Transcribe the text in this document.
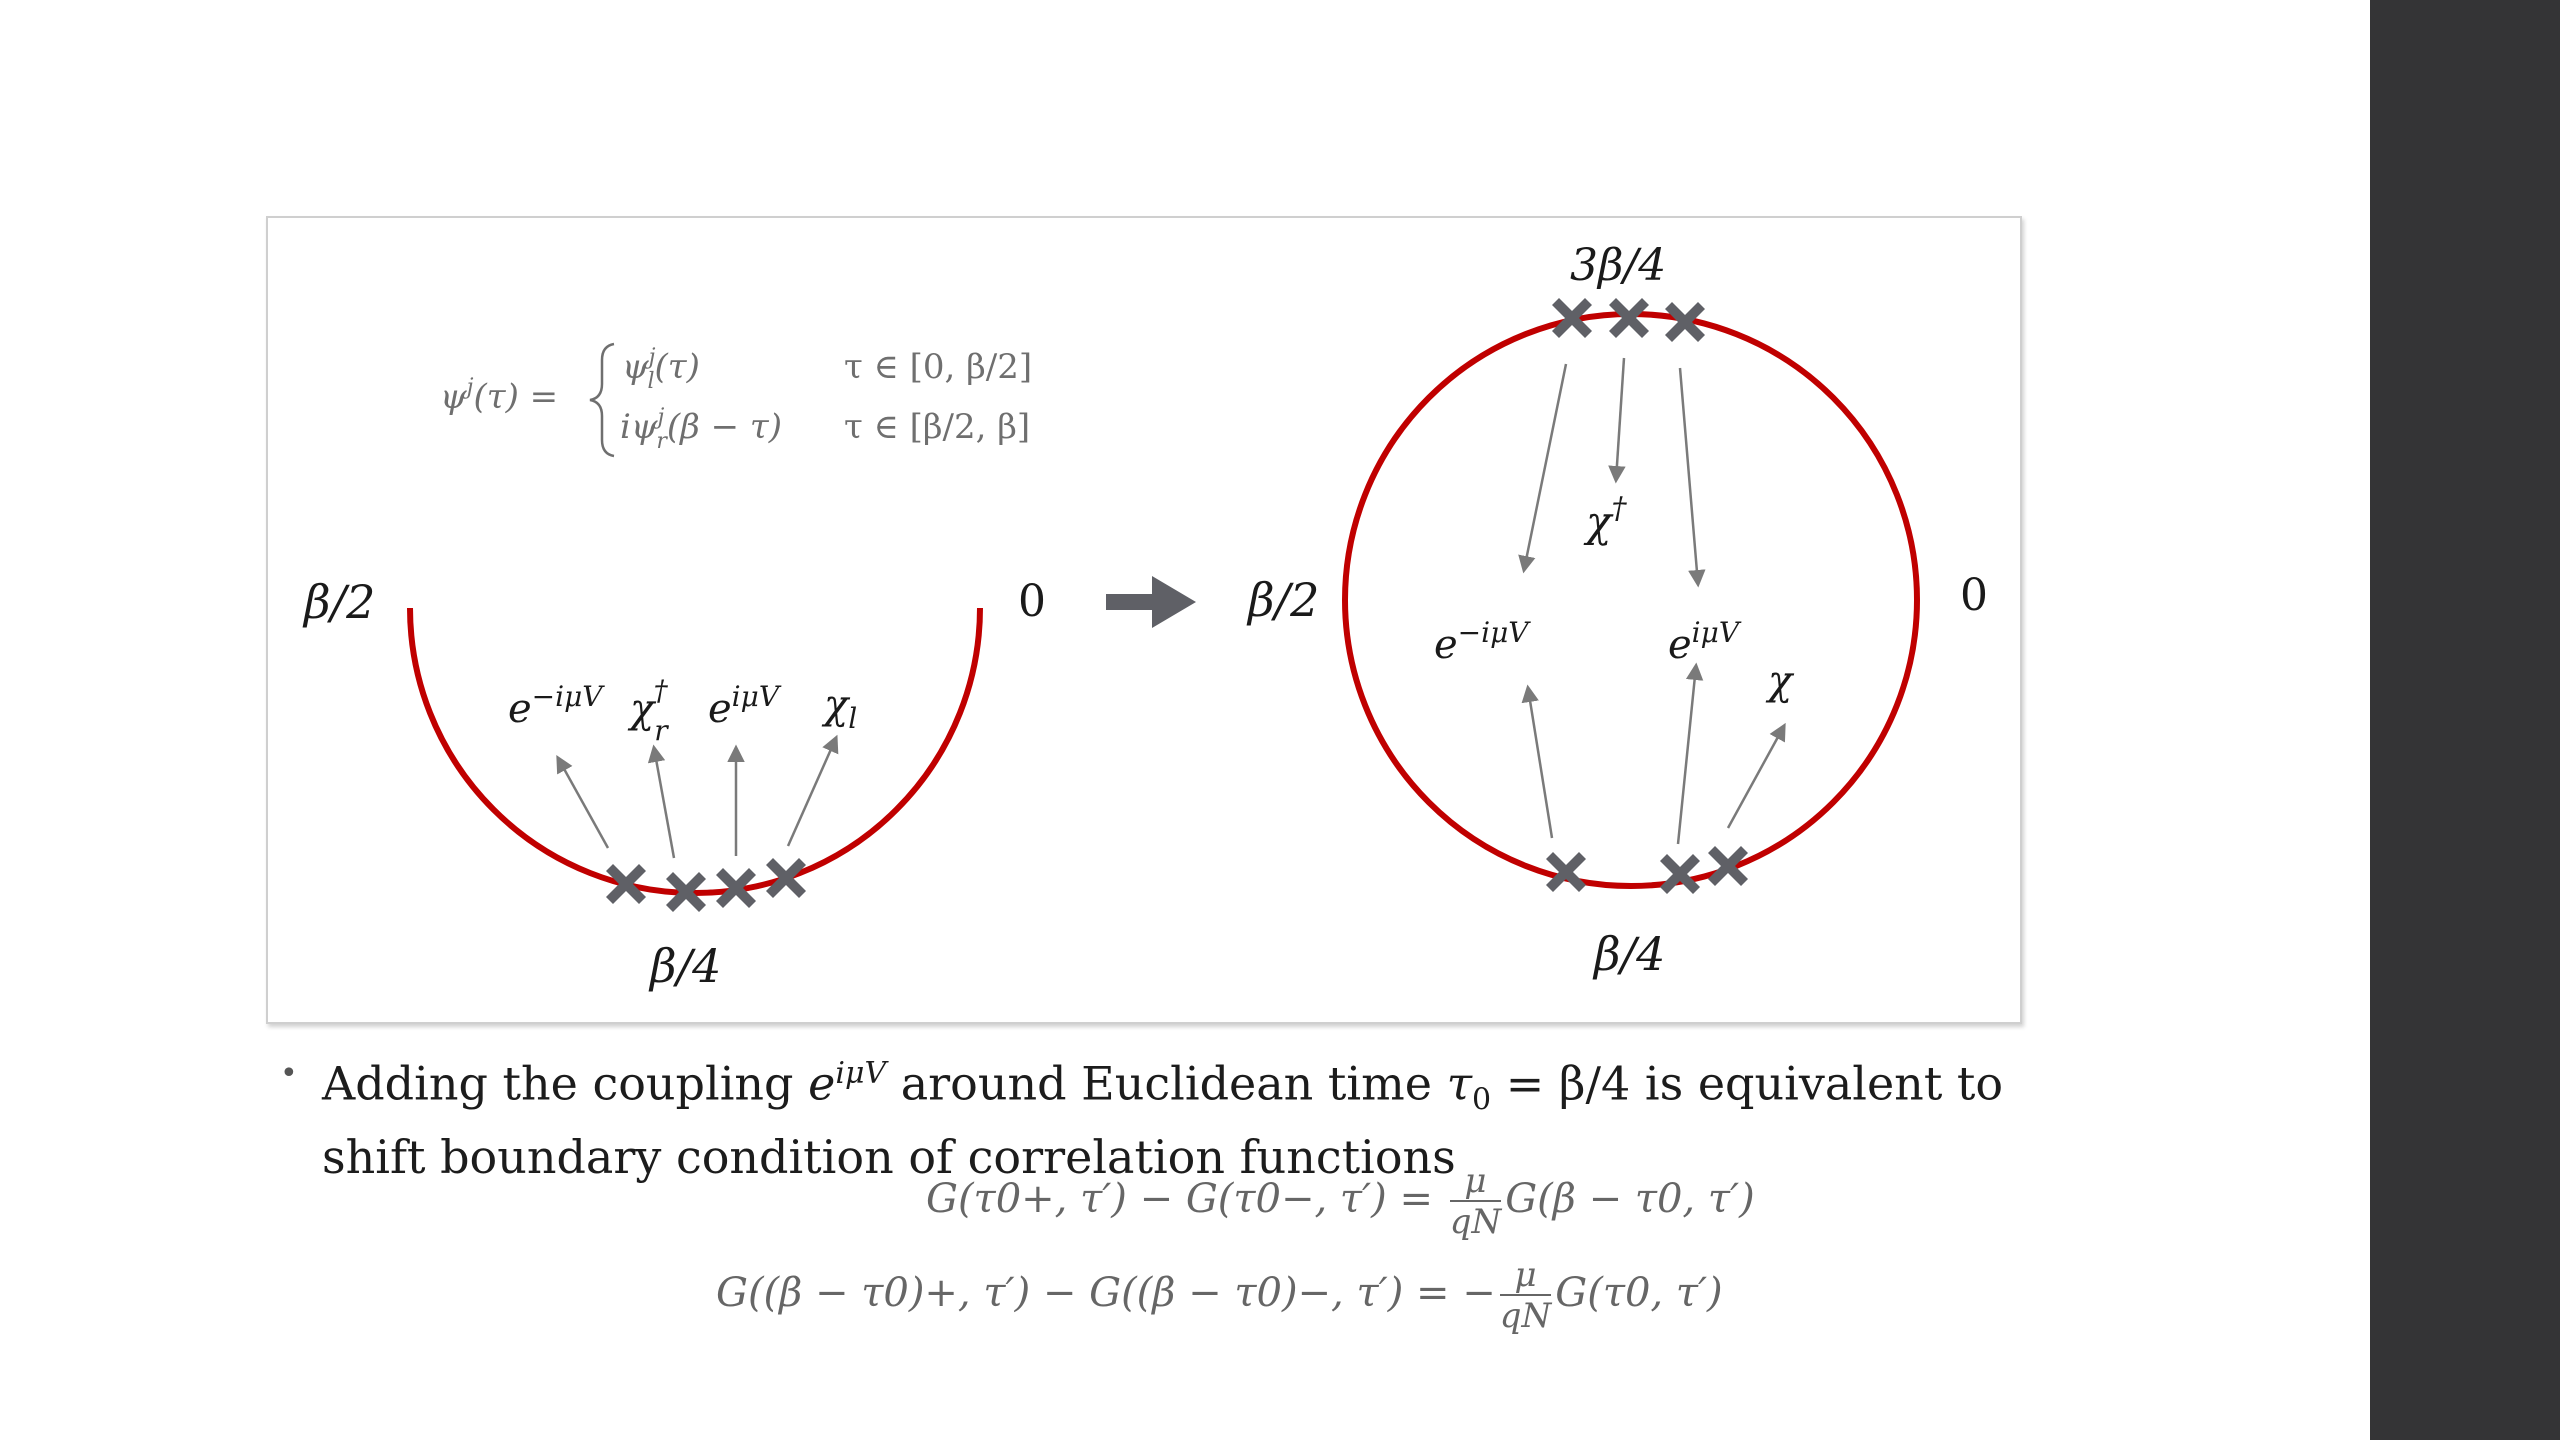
β/2	0
β/4
$e^{-i\mu V}$ $\chi_r\dagger$ $e^{i\mu V}$ $\chi_l$
3β/4
β/2	0
β/4
χ†
$e^{-i\mu V}$	$e^{i\mu V}$
χ
$\psi^j(\tau)$ =
$\psi^j$ l(τ)	τ ∈ [0, β/2]
$i\psi^j$ r(β − τ) τ ∈ [β/2, β]
• Adding the coupling $e^{i\mu V}$ around Euclidean time $\tau_0 = \beta/4$ is equivalent to
shift boundary condition of correlation functions
G(τ0+, τ′) − G(τ0−, $\tau') = \frac{\mu}{qN} G(\beta - \tau 0$, τ′)
G((β − τ0)+, τ′) − G((β − τ0)−, τ′) = − $\frac{\mu}{qN} G(\tau 0$, τ′)
